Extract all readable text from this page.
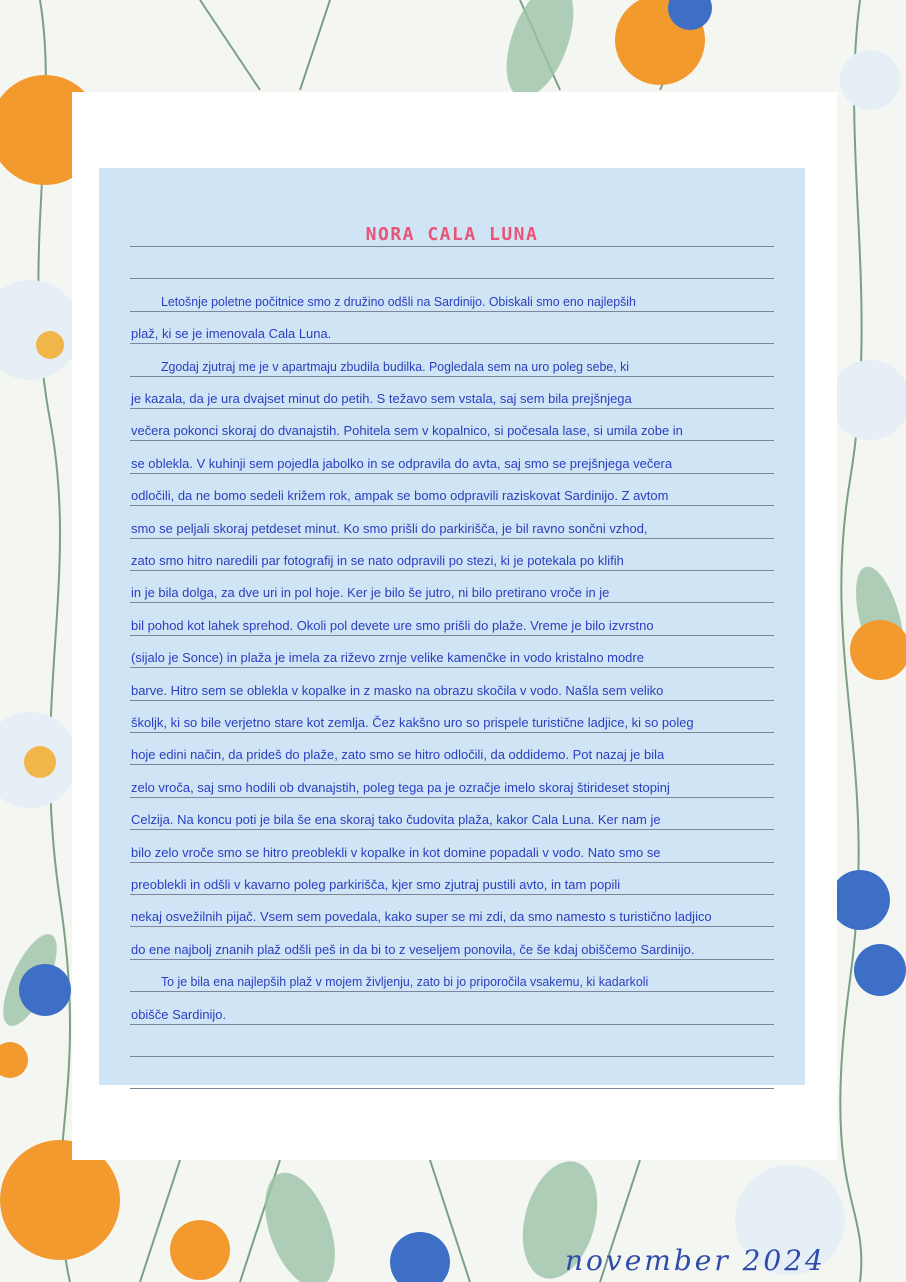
NORA CALA LUNA
Letošnje poletne počitnice smo z družino odšli na Sardinijo. Obiskali smo eno najlepših
plaž, ki se je imenovala Cala Luna.
Zgodaj zjutraj me je v apartmaju zbudila budilka. Pogledala sem na uro poleg sebe, ki
je kazala, da je ura dvajset minut do petih. S težavo sem vstala, saj sem bila prejšnjega
večera pokonci skoraj do dvanajstih. Pohitela sem v kopalnico, si počesala lase, si umila zobe in
se oblekla. V kuhinji sem pojedla jabolko in se odpravila do avta, saj smo se prejšnjega večera
odločili, da ne bomo sedeli križem rok, ampak se bomo odpravili raziskovat Sardinijo. Z avtom
smo se peljali skoraj petdeset minut. Ko smo prišli do parkirišča, je bil ravno sončni vzhod,
zato smo hitro naredili par fotografij in se nato odpravili po stezi, ki je potekala po klifih
in je bila dolga, za dve uri in pol hoje. Ker je bilo še jutro, ni bilo pretirano vroče in je
bil pohod kot lahek sprehod. Okoli pol devete ure smo prišli do plaže. Vreme je bilo izvrstno
(sijalo je Sonce) in plaža je imela za riževo zrnje velike kamenčke in vodo kristalno modre
barve. Hitro sem se oblekla v kopalke in z masko na obrazu skočila v vodo. Našla sem veliko
školjk, ki so bile verjetno stare kot zemlja. Čez kakšno uro so prispele turistične ladjice, ki so poleg
hoje edini način, da prideš do plaže, zato smo se hitro odločili, da oddidemo. Pot nazaj je bila
zelo vroča, saj smo hodili ob dvanajstih, poleg tega pa je ozračje imelo skoraj štirideset stopinj
Celzija. Na koncu poti je bila še ena skoraj tako čudovita plaža, kakor Cala Luna. Ker nam je
bilo zelo vroče smo se hitro preoblekli v kopalke in kot domine popadali v vodo. Nato smo se
preoblekli in odšli v kavarno poleg parkirišča, kjer smo zjutraj pustili avto, in tam popili
nekaj osvežilnih pijač. Vsem sem povedala, kako super se mi zdi, da smo namesto s turistično ladjico
do ene najbolj znanih plaž odšli peš in da bi to z veseljem ponovila, če še kdaj obiščemo Sardinijo.
To je bila ena najlepših plaž v mojem življenju, zato bi jo priporočila vsakemu, ki kadarkoli
obišče Sardinijo.
november 2024
